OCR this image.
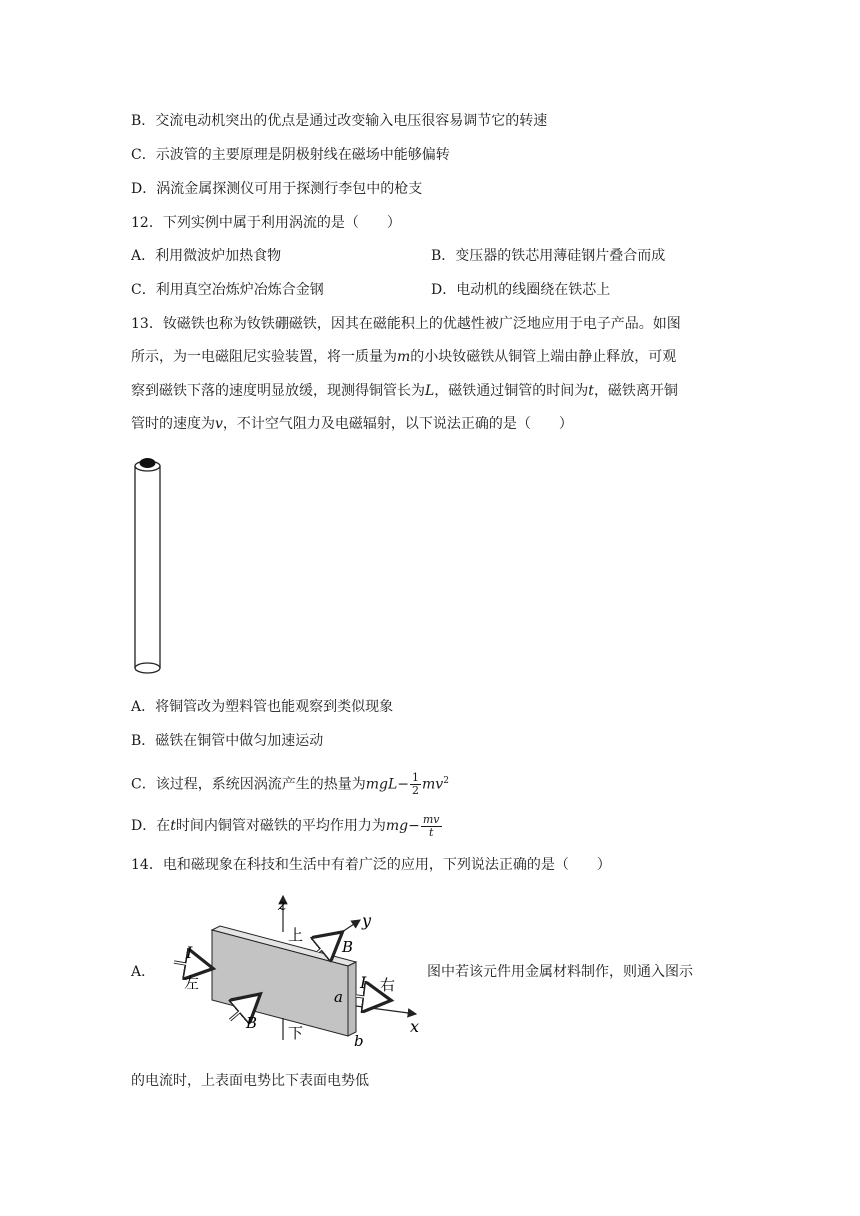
B．交流电动机突出的优点是通过改变输入电压很容易调节它的转速
C．示波管的主要原理是阴极射线在磁场中能够偏转
D．涡流金属探测仪可用于探测行李包中的枪支
12．下列实例中属于利用涡流的是（　　）
A．利用微波炉加热食物	B．变压器的铁芯用薄硅钢片叠合而成
C．利用真空冶炼炉冶炼合金钢	D．电动机的线圈绕在铁芯上
13．钕磁铁也称为钕铁硼磁铁，因其在磁能积上的优越性被广泛地应用于电子产品。如图
所示，为一电磁阻尼实验装置，将一质量为m的小块钕磁铁从铜管上端由静止释放，可观
察到磁铁下落的速度明显放缓，现测得铜管长为L，磁铁通过铜管的时间为t，磁铁离开铜
管时的速度为v，不计空气阻力及电磁辐射，以下说法正确的是（　　）
A．将铜管改为塑料管也能观察到类似现象
B．磁铁在铜管中做匀加速运动
C．该过程，系统因涡流产生的热量为$mgL- \frac{1}{2} mv^2$
D．在t时间内铜管对磁铁的平均作用力为$mg- \frac{mv}{t}$
14．电和磁现象在科技和生活中有着广泛的应用，下列说法正确的是（　　）
A．
z
y
x
上
下
左	右
I
I
B
B
a
b
图中若该元件用金属材料制作，则通入图示
的电流时，上表面电势比下表面电势低
